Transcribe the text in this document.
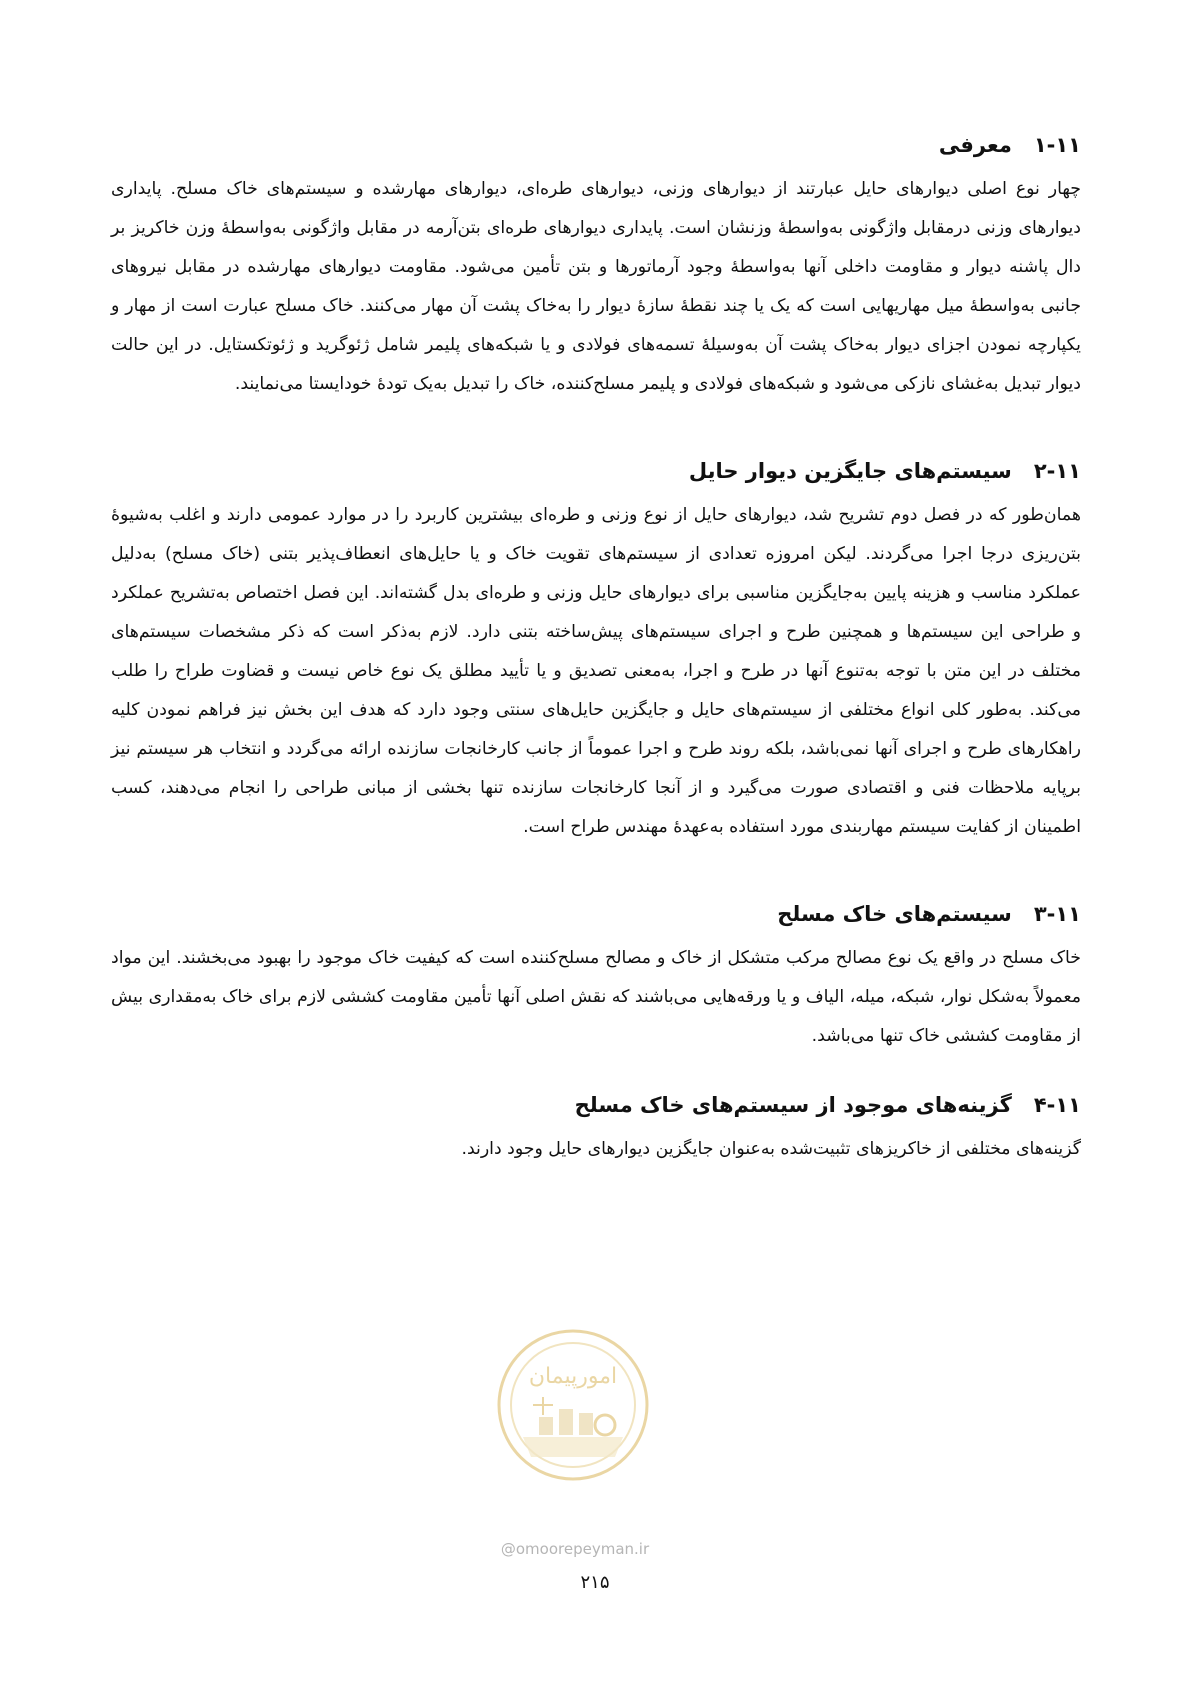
۱-۱۱
معرفی

چهار نوع اصلی دیوارهای حایل عبارتند از دیوارهای وزنی، دیوارهای طره‌ای، دیوارهای مهارشده و سیستم‌های خاک مسلح. پایداری دیوارهای وزنی درمقابل واژگونی به‌واسطهٔ وزنشان است. پایداری دیوارهای طره‌ای بتن‌آرمه در مقابل واژگونی به‌واسطهٔ وزن خاکریز بر دال پاشنه دیوار و مقاومت داخلی آنها به‌واسطهٔ وجود آرماتورها و بتن تأمین می‌شود. مقاومت دیوارهای مهارشده در مقابل نیروهای جانبی به‌واسطهٔ میل مهاریهایی است که یک یا چند نقطهٔ سازهٔ دیوار را به‌خاک پشت آن مهار می‌کنند. خاک مسلح عبارت است از مهار و یکپارچه نمودن اجزای دیوار به‌خاک پشت آن به‌وسیلهٔ تسمه‌های فولادی و یا شبکه‌های پلیمر شامل ژئوگرید و ژئوتکستایل. در این حالت دیوار تبدیل به‌غشای نازکی می‌شود و شبکه‌های فولادی و پلیمر مسلح‌کننده، خاک را تبدیل به‌یک تودهٔ خودایستا می‌نمایند.

۲-۱۱
سیستم‌های جایگزین دیوار حایل

همان‌طور که در فصل دوم تشریح شد، دیوارهای حایل از نوع وزنی و طره‌ای بیشترین کاربرد را در موارد عمومی دارند و اغلب به‌شیوهٔ بتن‌ریزی درجا اجرا می‌گردند. لیکن امروزه تعدادی از سیستم‌های تقویت خاک و یا حایل‌های انعطاف‌پذیر بتنی (خاک مسلح) به‌دلیل عملکرد مناسب و هزینه پایین به‌جایگزین مناسبی برای دیوارهای حایل وزنی و طره‌ای بدل گشته‌اند. این فصل اختصاص به‌تشریح عملکرد و طراحی این سیستم‌ها و همچنین طرح و اجرای سیستم‌های پیش‌ساخته بتنی دارد. لازم به‌ذکر است که ذکر مشخصات سیستم‌های مختلف در این متن با توجه به‌تنوع آنها در طرح و اجرا، به‌معنی تصدیق و یا تأیید مطلق یک نوع خاص نیست و قضاوت طراح را طلب می‌کند. به‌طور کلی انواع مختلفی از سیستم‌های حایل و جایگزین حایل‌های سنتی وجود دارد که هدف این بخش نیز فراهم نمودن کلیه راهکارهای طرح و اجرای آنها نمی‌باشد، بلکه روند طرح و اجرا عموماً از جانب کارخانجات سازنده ارائه می‌گردد و انتخاب هر سیستم نیز برپایه ملاحظات فنی و اقتصادی صورت می‌گیرد و از آنجا کارخانجات سازنده تنها بخشی از مبانی طراحی را انجام می‌دهند، کسب اطمینان از کفایت سیستم مهاربندی مورد استفاده به‌عهدهٔ مهندس طراح است.

۳-۱۱
سیستم‌های خاک مسلح

خاک مسلح در واقع یک نوع مصالح مرکب متشکل از خاک و مصالح مسلح‌کننده است که کیفیت خاک موجود را بهبود می‌بخشند. این مواد معمولاً به‌شکل نوار، شبکه، میله، الیاف و یا ورقه‌هایی می‌باشند که نقش اصلی آنها تأمین مقاومت کششی لازم برای خاک به‌مقداری بیش از مقاومت کششی خاک تنها می‌باشد.

۴-۱۱
گزینه‌های موجود از سیستم‌های خاک مسلح

گزینه‌های مختلفی از خاکریزهای تثبیت‌شده به‌عنوان جایگزین دیوارهای حایل وجود دارند.

امورپیمان
@omoorepeyman.ir
۲۱۵
